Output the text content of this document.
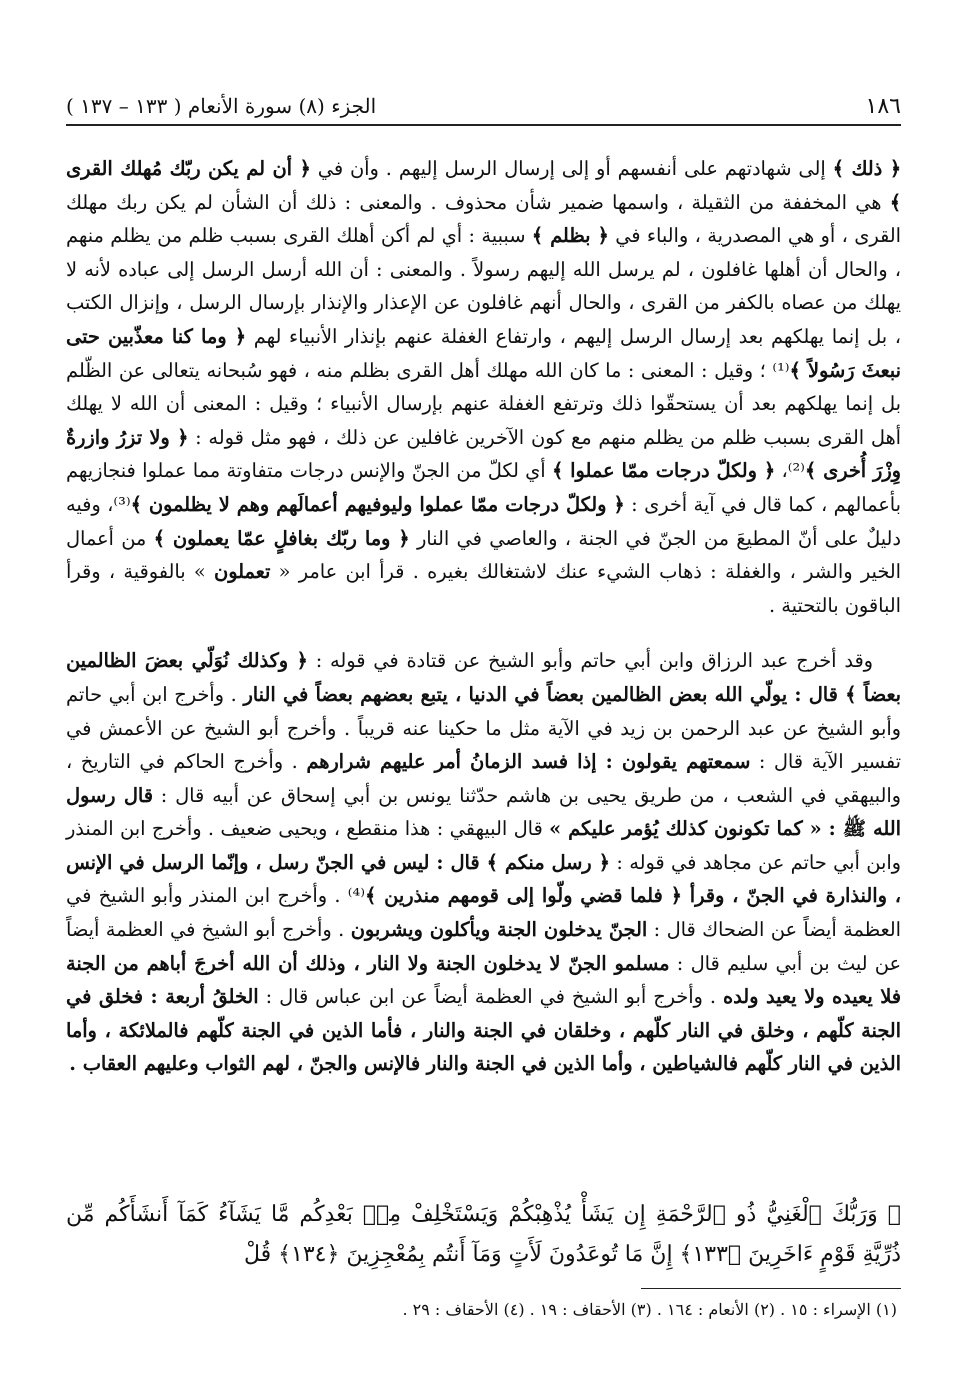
١٨٦
الجزء (٨) سورة الأنعام ( ١٣٣ – ١٣٧ )

﴿ ذلك ﴾ إلى شهادتهم على أنفسهم أو إلى إرسال الرسل إليهم . وأن في ﴿ أن لم يكن ربّك مُهلك القرى ﴾ هي المخففة من الثقيلة ، واسمها ضمير شأن محذوف . والمعنى : ذلك أن الشأن لم يكن ربك مهلك القرى ، أو هي المصدرية ، والباء في ﴿ بظلم ﴾ سببية : أي لم أكن أهلك القرى بسبب ظلم من يظلم منهم ، والحال أن أهلها غافلون ، لم يرسل الله إليهم رسولاً . والمعنى : أن الله أرسل الرسل إلى عباده لأنه لا يهلك من عصاه بالكفر من القرى ، والحال أنهم غافلون عن الإعذار والإنذار بإرسال الرسل ، وإنزال الكتب ، بل إنما يهلكهم بعد إرسال الرسل إليهم ، وارتفاع الغفلة عنهم بإنذار الأنبياء لهم ﴿ وما كنا معذّبين حتى نبعثَ رَسُولاً ﴾⁽¹⁾ ؛ وقيل : المعنى : ما كان الله مهلك أهل القرى بظلم منه ، فهو سُبحانه يتعالى عن الظّلم بل إنما يهلكهم بعد أن يستحقّوا ذلك وترتفع الغفلة عنهم بإرسال الأنبياء ؛ وقيل : المعنى أن الله لا يهلك أهل القرى بسبب ظلم من يظلم منهم مع كون الآخرين غافلين عن ذلك ، فهو مثل قوله : ﴿ ولا تزرُ وازرةٌ وِزْرَ أُخرى ﴾⁽²⁾، ﴿ ولكلّ درجات ممّا عملوا ﴾ أي لكلّ من الجنّ والإنس درجات متفاوتة مما عملوا فنجازيهم بأعمالهم ، كما قال في آية أخرى : ﴿ ولكلّ درجات ممّا عملوا وليوفيهم أعمالَهم وهم لا يظلمون ﴾⁽³⁾، وفيه دليلٌ على أنّ المطيعَ من الجنّ في الجنة ، والعاصي في النار ﴿ وما ربّك بغافلٍ عمّا يعملون ﴾ من أعمال الخير والشر ، والغفلة : ذهاب الشيء عنك لاشتغالك بغيره . قرأ ابن عامر « تعملون » بالفوقية ، وقرأ الباقون بالتحتية .

وقد أخرج عبد الرزاق وابن أبي حاتم وأبو الشيخ عن قتادة في قوله : ﴿ وكذلك نُوَلّي بعضَ الظالمين بعضاً ﴾ قال : يولّي الله بعض الظالمين بعضاً في الدنيا ، يتبع بعضهم بعضاً في النار . وأخرج ابن أبي حاتم وأبو الشيخ عن عبد الرحمن بن زيد في الآية مثل ما حكينا عنه قريباً . وأخرج أبو الشيخ عن الأعمش في تفسير الآية قال : سمعتهم يقولون : إذا فسد الزمانُ أمر عليهم شرارهم . وأخرج الحاكم في التاريخ ، والبيهقي في الشعب ، من طريق يحيى بن هاشم حدّثنا يونس بن أبي إسحاق عن أبيه قال : قال رسول الله ﷺ : « كما تكونون كذلك يُؤمر عليكم » قال البيهقي : هذا منقطع ، ويحيى ضعيف . وأخرج ابن المنذر وابن أبي حاتم عن مجاهد في قوله : ﴿ رسل منكم ﴾ قال : ليس في الجنّ رسل ، وإنّما الرسل في الإنس ، والنذارة في الجنّ ، وقرأ ﴿ فلما قضي ولّوا إلى قومهم منذرين ﴾⁽⁴⁾ . وأخرج ابن المنذر وأبو الشيخ في العظمة أيضاً عن الضحاك قال : الجنّ يدخلون الجنة ويأكلون ويشربون . وأخرج أبو الشيخ في العظمة أيضاً عن ليث بن أبي سليم قال : مسلمو الجنّ لا يدخلون الجنة ولا النار ، وذلك أن الله أخرجَ أباهم من الجنة فلا يعيده ولا يعيد ولده . وأخرج أبو الشيخ في العظمة أيضاً عن ابن عباس قال : الخلقُ أربعة : فخلق في الجنة كلّهم ، وخلق في النار كلّهم ، وخلقان في الجنة والنار ، فأما الذين في الجنة كلّهم فالملائكة ، وأما الذين في النار كلّهم فالشياطين ، وأما الذين في الجنة والنار فالإنس والجنّ ، لهم الثواب وعليهم العقاب .

﴿ وَرَبُّكَ ٱلْغَنِيُّ ذُو ٱلرَّحْمَةِ إِن يَشَأْ يُذْهِبْكُمْ وَيَسْتَخْلِفْ مِنۢ بَعْدِكُم مَّا يَشَآءُ كَمَآ أَنشَأَكُم مِّن ذُرِّيَّةِ قَوْمٍ ءَاخَرِينَ ﴿١٣٣﴾ إِنَّ مَا تُوعَدُونَ لَأَتٍ وَمَآ أَنتُم بِمُعْجِزِينَ ﴿١٣٤﴾ قُلْ
(١) الإسراء : ١٥ . (٢) الأنعام : ١٦٤ . (٣) الأحقاف : ١٩ . (٤) الأحقاف : ٢٩ .
